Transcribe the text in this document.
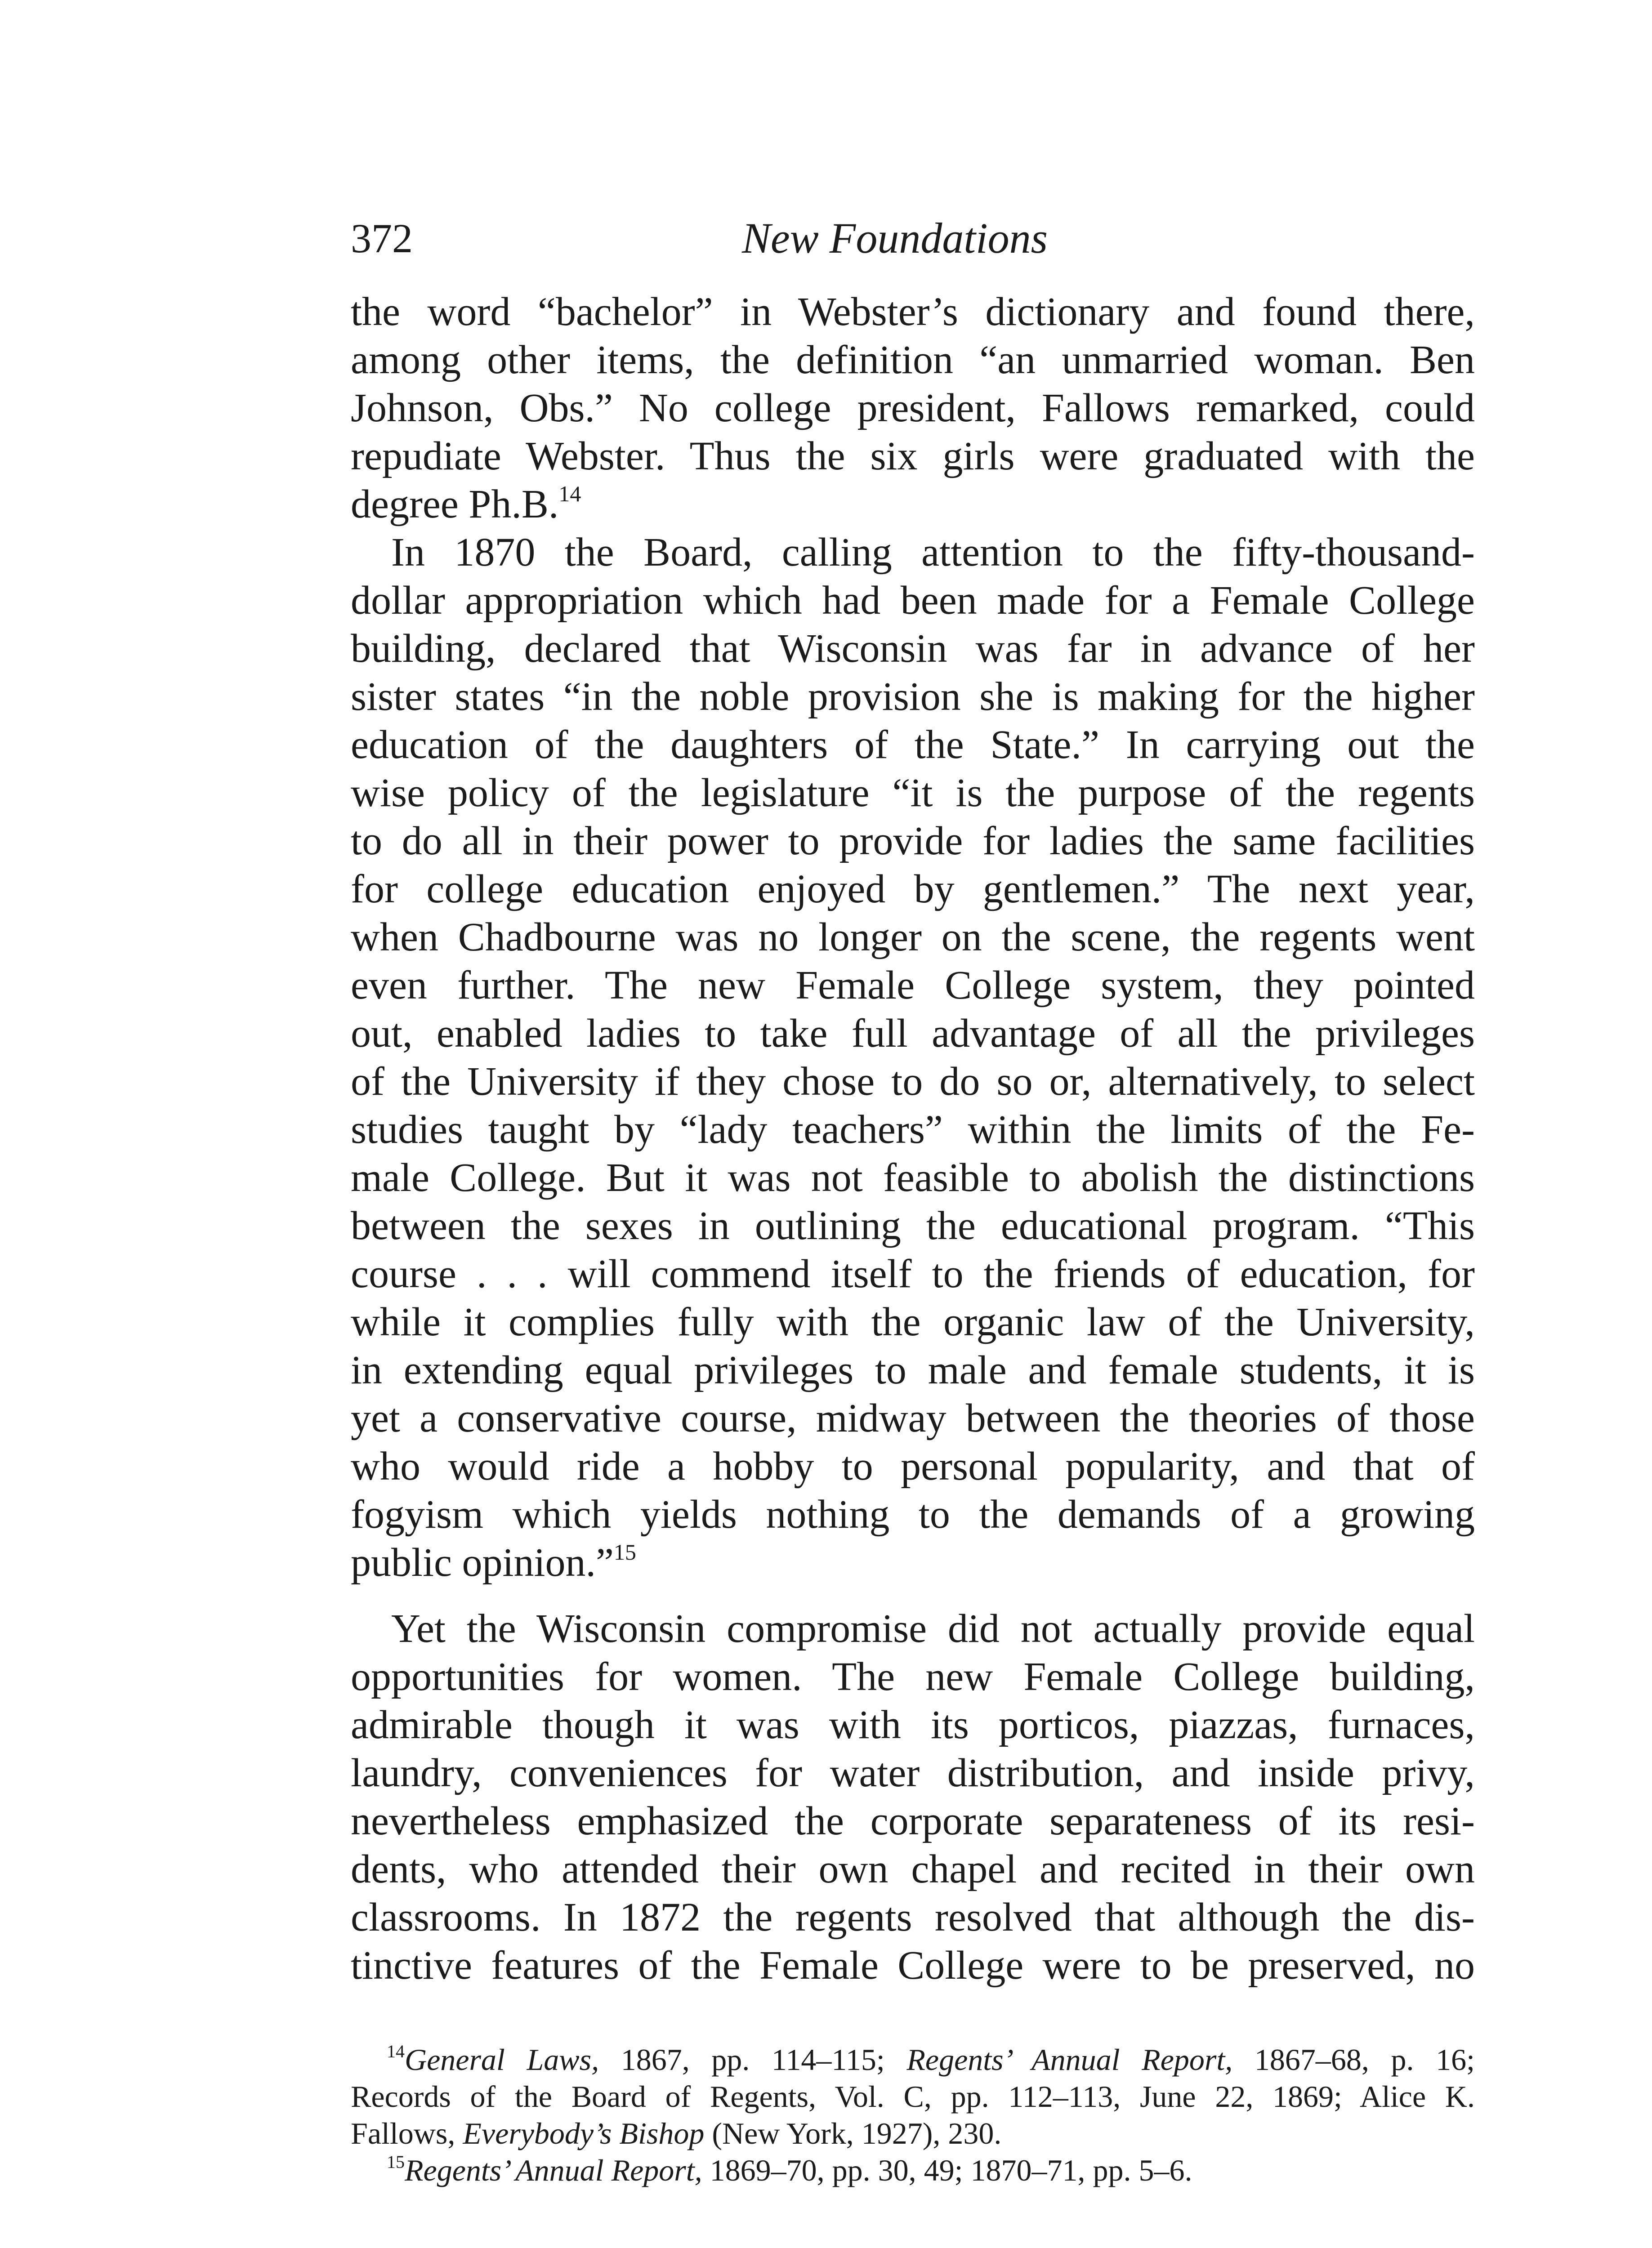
372	New Foundations
the word “bachelor” in Webster’s dictionary and found there,
among other items, the definition “an unmarried woman. Ben
Johnson, Obs.” No college president, Fallows remarked, could
repudiate Webster. Thus the six girls were graduated with the
degree Ph.B.$^{14}$
In 1870 the Board, calling attention to the fifty-thousand-
dollar appropriation which had been made for a Female College
building, declared that Wisconsin was far in advance of her
sister states “in the noble provision she is making for the higher
education of the daughters of the State.” In carrying out the
wise policy of the legislature “it is the purpose of the regents
to do all in their power to provide for ladies the same facilities
for college education enjoyed by gentlemen.” The next year,
when Chadbourne was no longer on the scene, the regents went
even further. The new Female College system, they pointed
out, enabled ladies to take full advantage of all the privileges
of the University if they chose to do so or, alternatively, to select
studies taught by “lady teachers” within the limits of the Fe-
male College. But it was not feasible to abolish the distinctions
between the sexes in outlining the educational program. “This
course . . . will commend itself to the friends of education, for
while it complies fully with the organic law of the University,
in extending equal privileges to male and female students, it is
yet a conservative course, midway between the theories of those
who would ride a hobby to personal popularity, and that of
fogyism which yields nothing to the demands of a growing
public opinion.”$^{15}$
Yet the Wisconsin compromise did not actually provide equal
opportunities for women. The new Female College building,
admirable though it was with its porticos, piazzas, furnaces,
laundry, conveniences for water distribution, and inside privy,
nevertheless emphasized the corporate separateness of its resi-
dents, who attended their own chapel and recited in their own
classrooms. In 1872 the regents resolved that although the dis-
tinctive features of the Female College were to be preserved, no
$^{14}$General Laws, 1867, pp. 114–115; Regents’ Annual Report, 1867–68, p. 16;
Records of the Board of Regents, Vol. C, pp. 112–113, June 22, 1869; Alice K.
Fallows, Everybody’s Bishop (New York, 1927), 230.
$^{15}$Regents’ Annual Report, 1869–70, pp. 30, 49; 1870–71, pp. 5–6.
